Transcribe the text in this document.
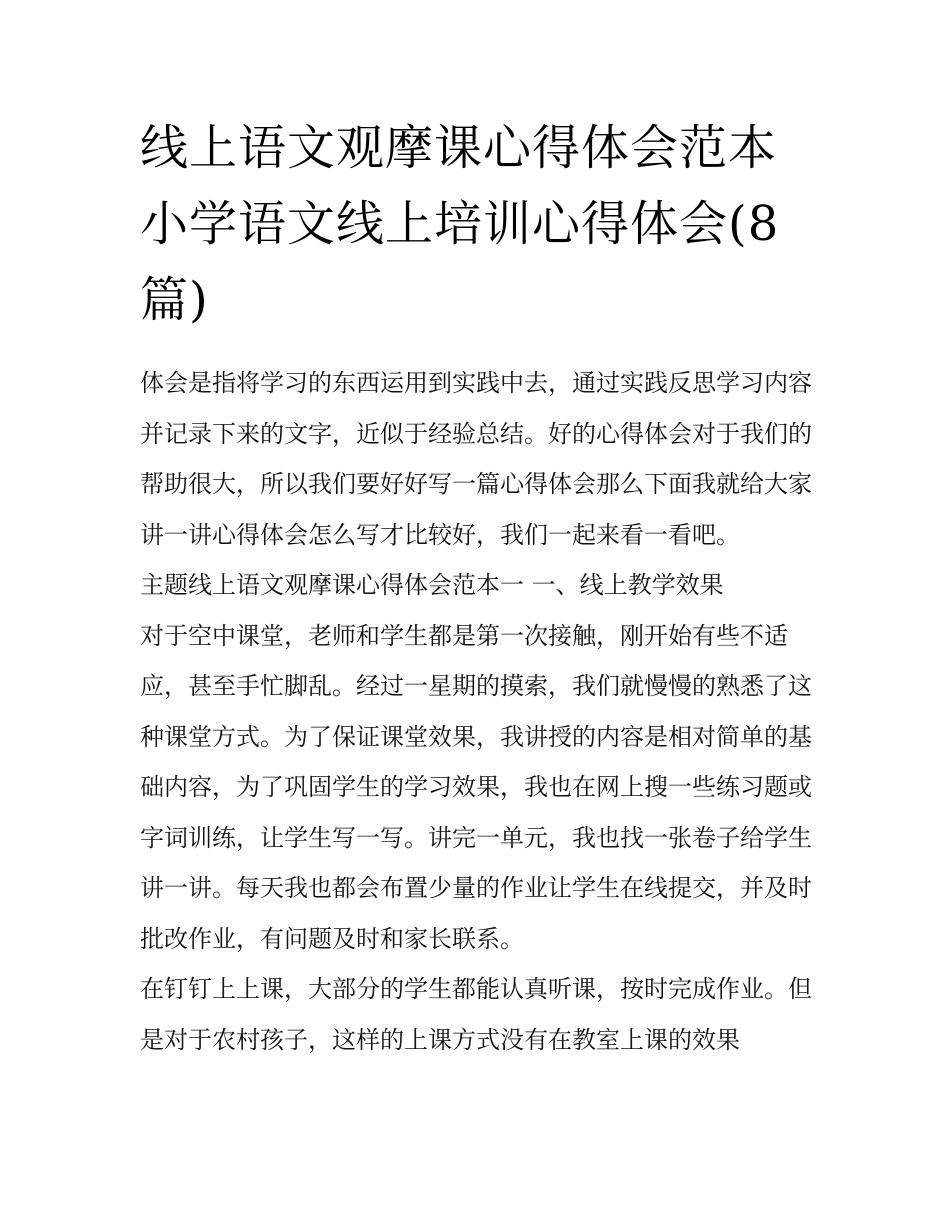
线上语文观摩课心得体会范本小学语文线上培训心得体会(8篇)

体会是指将学习的东西运用到实践中去，通过实践反思学习内容并记录下来的文字，近似于经验总结。好的心得体会对于我们的帮助很大，所以我们要好好写一篇心得体会那么下面我就给大家讲一讲心得体会怎么写才比较好，我们一起来看一看吧。

主题线上语文观摩课心得体会范本一 一、线上教学效果

对于空中课堂，老师和学生都是第一次接触，刚开始有些不适应，甚至手忙脚乱。经过一星期的摸索，我们就慢慢的熟悉了这种课堂方式。为了保证课堂效果，我讲授的内容是相对简单的基础内容，为了巩固学生的学习效果，我也在网上搜一些练习题或字词训练，让学生写一写。讲完一单元，我也找一张卷子给学生讲一讲。每天我也都会布置少量的作业让学生在线提交，并及时批改作业，有问题及时和家长联系。

在钉钉上上课，大部分的学生都能认真听课，按时完成作业。但是对于农村孩子，这样的上课方式没有在教室上课的效果
